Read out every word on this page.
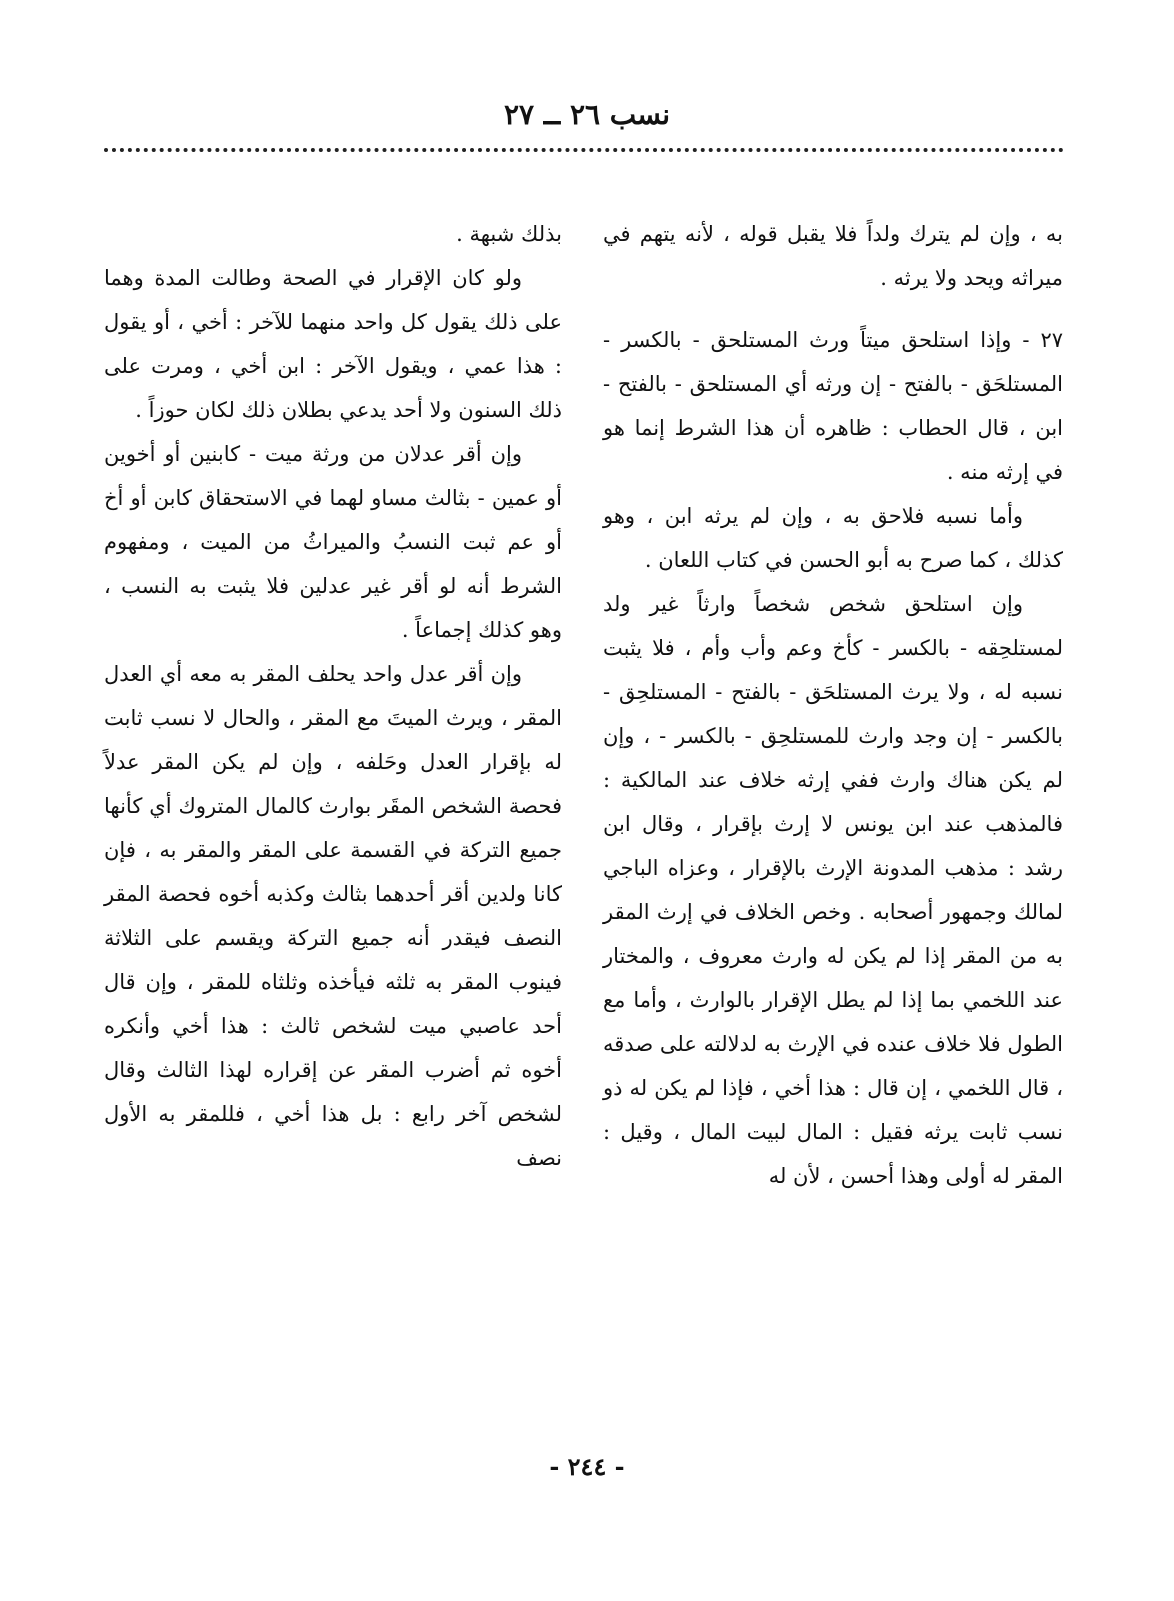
نسب ٢٦ ــ ٢٧

به ، وإن لم يترك ولداً فلا يقبل قوله ، لأنه يتهم في ميراثه ويحد ولا يرثه .

٢٧ - وإذا استلحق ميتاً ورث المستلحق - بالكسر - المستلحَق - بالفتح - إن ورثه أي المستلحق - بالفتح - ابن ، قال الحطاب : ظاهره أن هذا الشرط إنما هو في إرثه منه .

وأما نسبه فلاحق به ، وإن لم يرثه ابن ، وهو كذلك ، كما صرح به أبو الحسن في كتاب اللعان .

وإن استلحق شخص شخصاً وارثاً غير ولد لمستلحِقه - بالكسر - كأخ وعم وأب وأم ، فلا يثبت نسبه له ، ولا يرث المستلحَق - بالفتح - المستلحِق - بالكسر - إن وجد وارث للمستلحِق - بالكسر - ، وإن لم يكن هناك وارث ففي إرثه خلاف عند المالكية : فالمذهب عند ابن يونس لا إرث بإقرار ، وقال ابن رشد : مذهب المدونة الإرث بالإقرار ، وعزاه الباجي لمالك وجمهور أصحابه . وخص الخلاف في إرث المقر به من المقر إذا لم يكن له وارث معروف ، والمختار عند اللخمي بما إذا لم يطل الإقرار بالوارث ، وأما مع الطول فلا خلاف عنده في الإرث به لدلالته على صدقه ، قال اللخمي ، إن قال : هذا أخي ، فإذا لم يكن له ذو نسب ثابت يرثه فقيل : المال لبيت المال ، وقيل : المقر له أولى وهذا أحسن ، لأن له

بذلك شبهة .

ولو كان الإقرار في الصحة وطالت المدة وهما على ذلك يقول كل واحد منهما للآخر : أخي ، أو يقول : هذا عمي ، ويقول الآخر : ابن أخي ، ومرت على ذلك السنون ولا أحد يدعي بطلان ذلك لكان حوزاً .

وإن أقر عدلان من ورثة ميت - كابنين أو أخوين أو عمين - بثالث مساو لهما في الاستحقاق كابن أو أخ أو عم ثبت النسبُ والميراثُ من الميت ، ومفهوم الشرط أنه لو أقر غير عدلين فلا يثبت به النسب ، وهو كذلك إجماعاً .

وإن أقر عدل واحد يحلف المقر به معه أي العدل المقر ، ويرث الميتَ مع المقر ، والحال لا نسب ثابت له بإقرار العدل وحَلفه ، وإن لم يكن المقر عدلاً فحصة الشخص المقَر بوارث كالمال المتروك أي كأنها جميع التركة في القسمة على المقر والمقر به ، فإن كانا ولدين أقر أحدهما بثالث وكذبه أخوه فحصة المقر النصف فيقدر أنه جميع التركة ويقسم على الثلاثة فينوب المقر به ثلثه فيأخذه وثلثاه للمقر ، وإن قال أحد عاصبي ميت لشخص ثالث : هذا أخي وأنكره أخوه ثم أضرب المقر عن إقراره لهذا الثالث وقال لشخص آخر رابع : بل هذا أخي ، فللمقر به الأول نصف

- ٢٤٤ -
